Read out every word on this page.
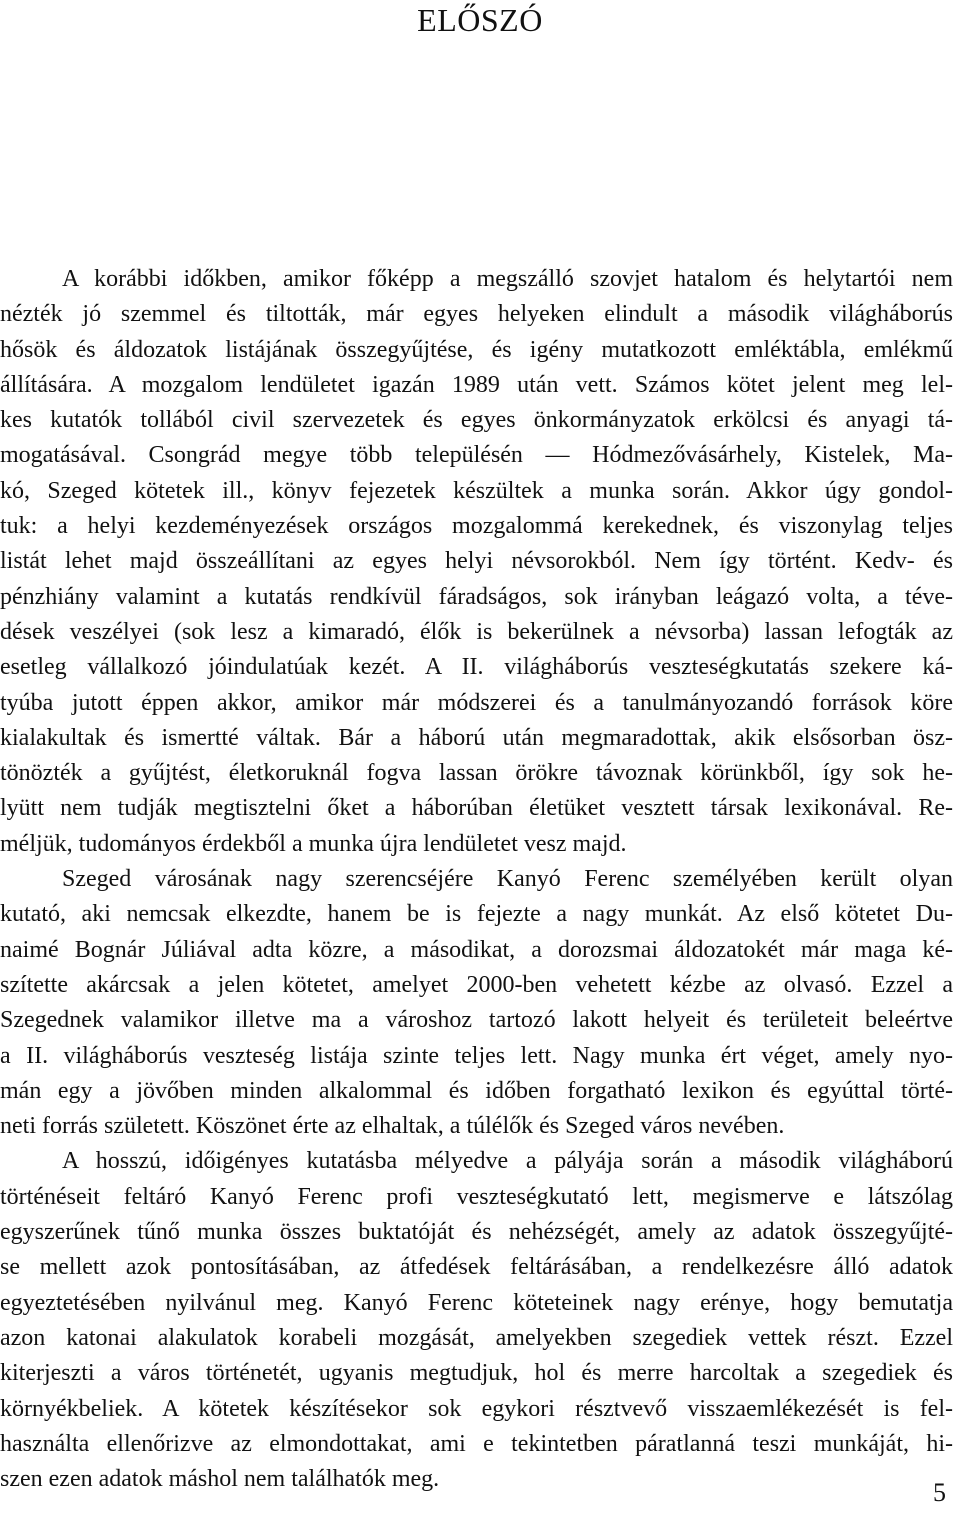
ELŐSZÓ
A korábbi időkben, amikor főképp a megszálló szovjet hatalom és helytartói nem
nézték jó szemmel és tiltották, már egyes helyeken elindult a második világháborús
hősök és áldozatok listájának összegyűjtése, és igény mutatkozott emléktábla, emlékmű
állítására. A mozgalom lendületet igazán 1989 után vett. Számos kötet jelent meg lel-
kes kutatók tollából civil szervezetek és egyes önkormányzatok erkölcsi és anyagi tá-
mogatásával. Csongrád megye több településén — Hódmezővásárhely, Kistelek, Ma-
kó, Szeged kötetek ill., könyv fejezetek készültek a munka során. Akkor úgy gondol-
tuk: a helyi kezdeményezések országos mozgalommá kerekednek, és viszonylag teljes
listát lehet majd összeállítani az egyes helyi névsorokból. Nem így történt. Kedv- és
pénzhiány valamint a kutatás rendkívül fáradságos, sok irányban leágazó volta, a téve-
dések veszélyei (sok lesz a kimaradó, élők is bekerülnek a névsorba) lassan lefogták az
esetleg vállalkozó jóindulatúak kezét. A II. világháborús veszteségkutatás szekere ká-
tyúba jutott éppen akkor, amikor már módszerei és a tanulmányozandó források köre
kialakultak és ismertté váltak. Bár a háború után megmaradottak, akik elsősorban ösz-
tönözték a gyűjtést, életkoruknál fogva lassan örökre távoznak körünkből, így sok he-
lyütt nem tudják megtisztelni őket a háborúban életüket vesztett társak lexikonával. Re-
méljük, tudományos érdekből a munka újra lendületet vesz majd.
Szeged városának nagy szerencséjére Kanyó Ferenc személyében került olyan
kutató, aki nemcsak elkezdte, hanem be is fejezte a nagy munkát. Az első kötetet Du-
naimé Bognár Júliával adta közre, a másodikat, a dorozsmai áldozatokét már maga ké-
szítette akárcsak a jelen kötetet, amelyet 2000-ben vehetett kézbe az olvasó. Ezzel a
Szegednek valamikor illetve ma a városhoz tartozó lakott helyeit és területeit beleértve
a II. világháborús veszteség listája szinte teljes lett. Nagy munka ért véget, amely nyo-
mán egy a jövőben minden alkalommal és időben forgatható lexikon és egyúttal törté-
neti forrás született. Köszönet érte az elhaltak, a túlélők és Szeged város nevében.
A hosszú, időigényes kutatásba mélyedve a pályája során a második világháború
történéseit feltáró Kanyó Ferenc profi veszteségkutató lett, megismerve e látszólag
egyszerűnek tűnő munka összes buktatóját és nehézségét, amely az adatok összegyűjté-
se mellett azok pontosításában, az átfedések feltárásában, a rendelkezésre álló adatok
egyeztetésében nyilvánul meg. Kanyó Ferenc köteteinek nagy erénye, hogy bemutatja
azon katonai alakulatok korabeli mozgását, amelyekben szegediek vettek részt. Ezzel
kiterjeszti a város történetét, ugyanis megtudjuk, hol és merre harcoltak a szegediek és
környékbeliek. A kötetek készítésekor sok egykori résztvevő visszaemlékezését is fel-
használta ellenőrizve az elmondottakat, ami e tekintetben páratlanná teszi munkáját, hi-
szen ezen adatok máshol nem találhatók meg.	5
